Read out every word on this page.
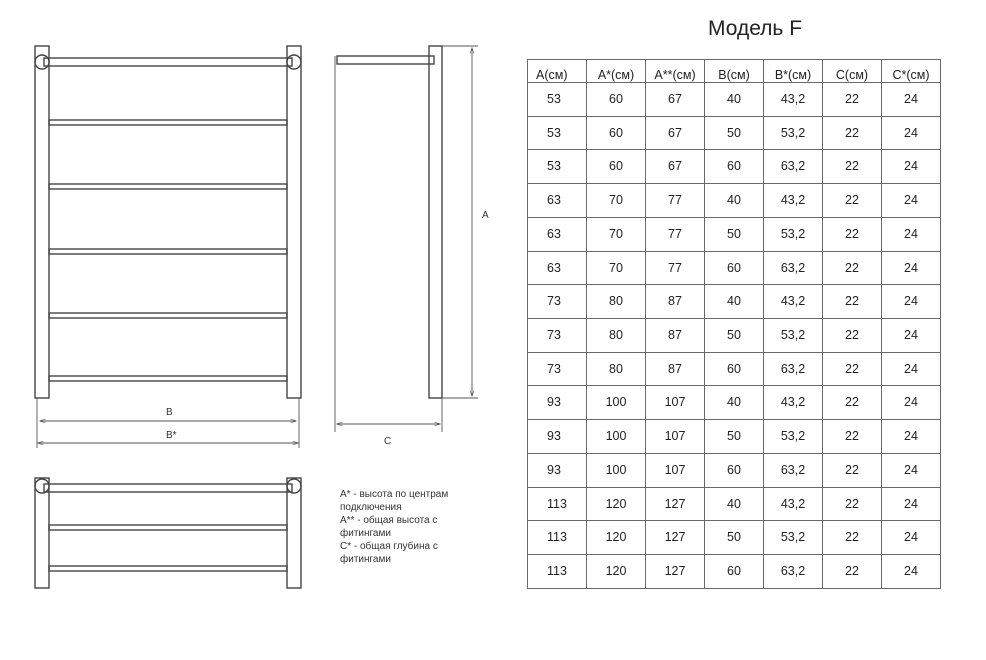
B
B*
C
A
Модель F
A* - высота по центрам
подключения
A** - общая высота с
фитингами
C* - общая глубина с
фитингами
A(см)	A*(см)	A**(см)	B(см)	B*(см)	C(см)	C*(см)
53	60	67	40	43,2	22	24
53	60	67	50	53,2	22	24
53	60	67	60	63,2	22	24
63	70	77	40	43,2	22	24
63	70	77	50	53,2	22	24
63	70	77	60	63,2	22	24
73	80	87	40	43,2	22	24
73	80	87	50	53,2	22	24
73	80	87	60	63,2	22	24
93	100	107	40	43,2	22	24
93	100	107	50	53,2	22	24
93	100	107	60	63,2	22	24
113	120	127	40	43,2	22	24
113	120	127	50	53,2	22	24
113	120	127	60	63,2	22	24
